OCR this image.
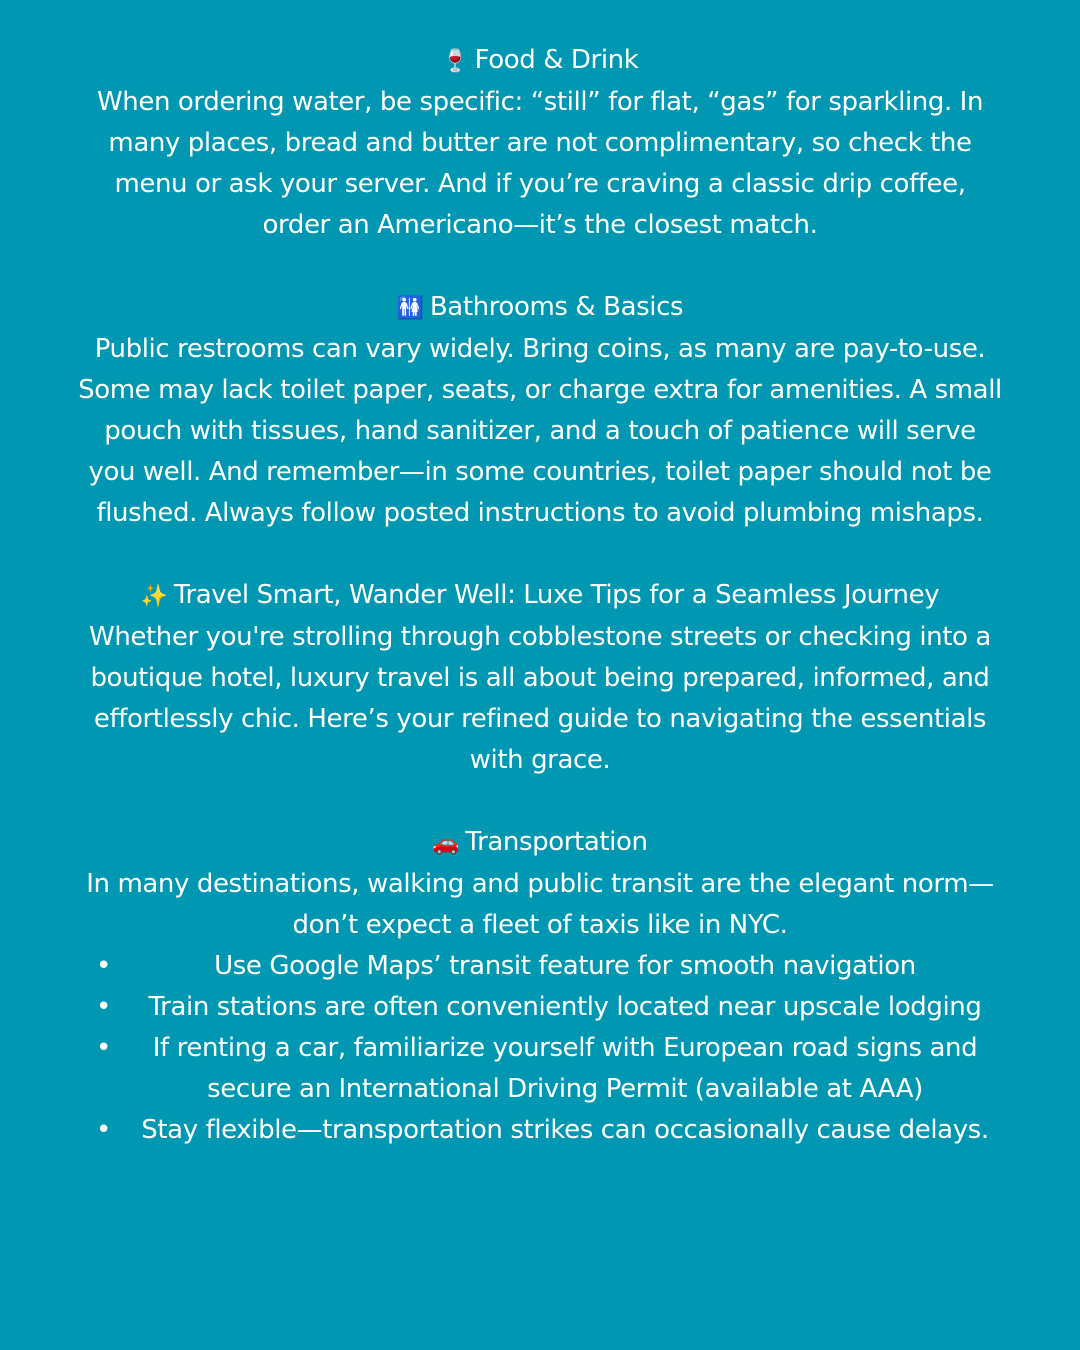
🍷 Food & Drink
When ordering water, be specific: “still” for flat, “gas” for sparkling. In many places, bread and butter are not complimentary, so check the menu or ask your server. And if you’re craving a classic drip coffee, order an Americano—it’s the closest match.
🚻 Bathrooms & Basics
Public restrooms can vary widely. Bring coins, as many are pay-to-use. Some may lack toilet paper, seats, or charge extra for amenities. A small pouch with tissues, hand sanitizer, and a touch of patience will serve you well. And remember—in some countries, toilet paper should not be flushed. Always follow posted instructions to avoid plumbing mishaps.
✨ Travel Smart, Wander Well: Luxe Tips for a Seamless Journey
Whether you're strolling through cobblestone streets or checking into a boutique hotel, luxury travel is all about being prepared, informed, and effortlessly chic. Here’s your refined guide to navigating the essentials with grace.
🚗 Transportation
In many destinations, walking and public transit are the elegant norm—don’t expect a fleet of taxis like in NYC.
•	Use Google Maps’ transit feature for smooth navigation
• Train stations are often conveniently located near upscale lodging
• If renting a car, familiarize yourself with European road signs and secure an International Driving Permit (available at AAA)
• Stay flexible—transportation strikes can occasionally cause delays.
